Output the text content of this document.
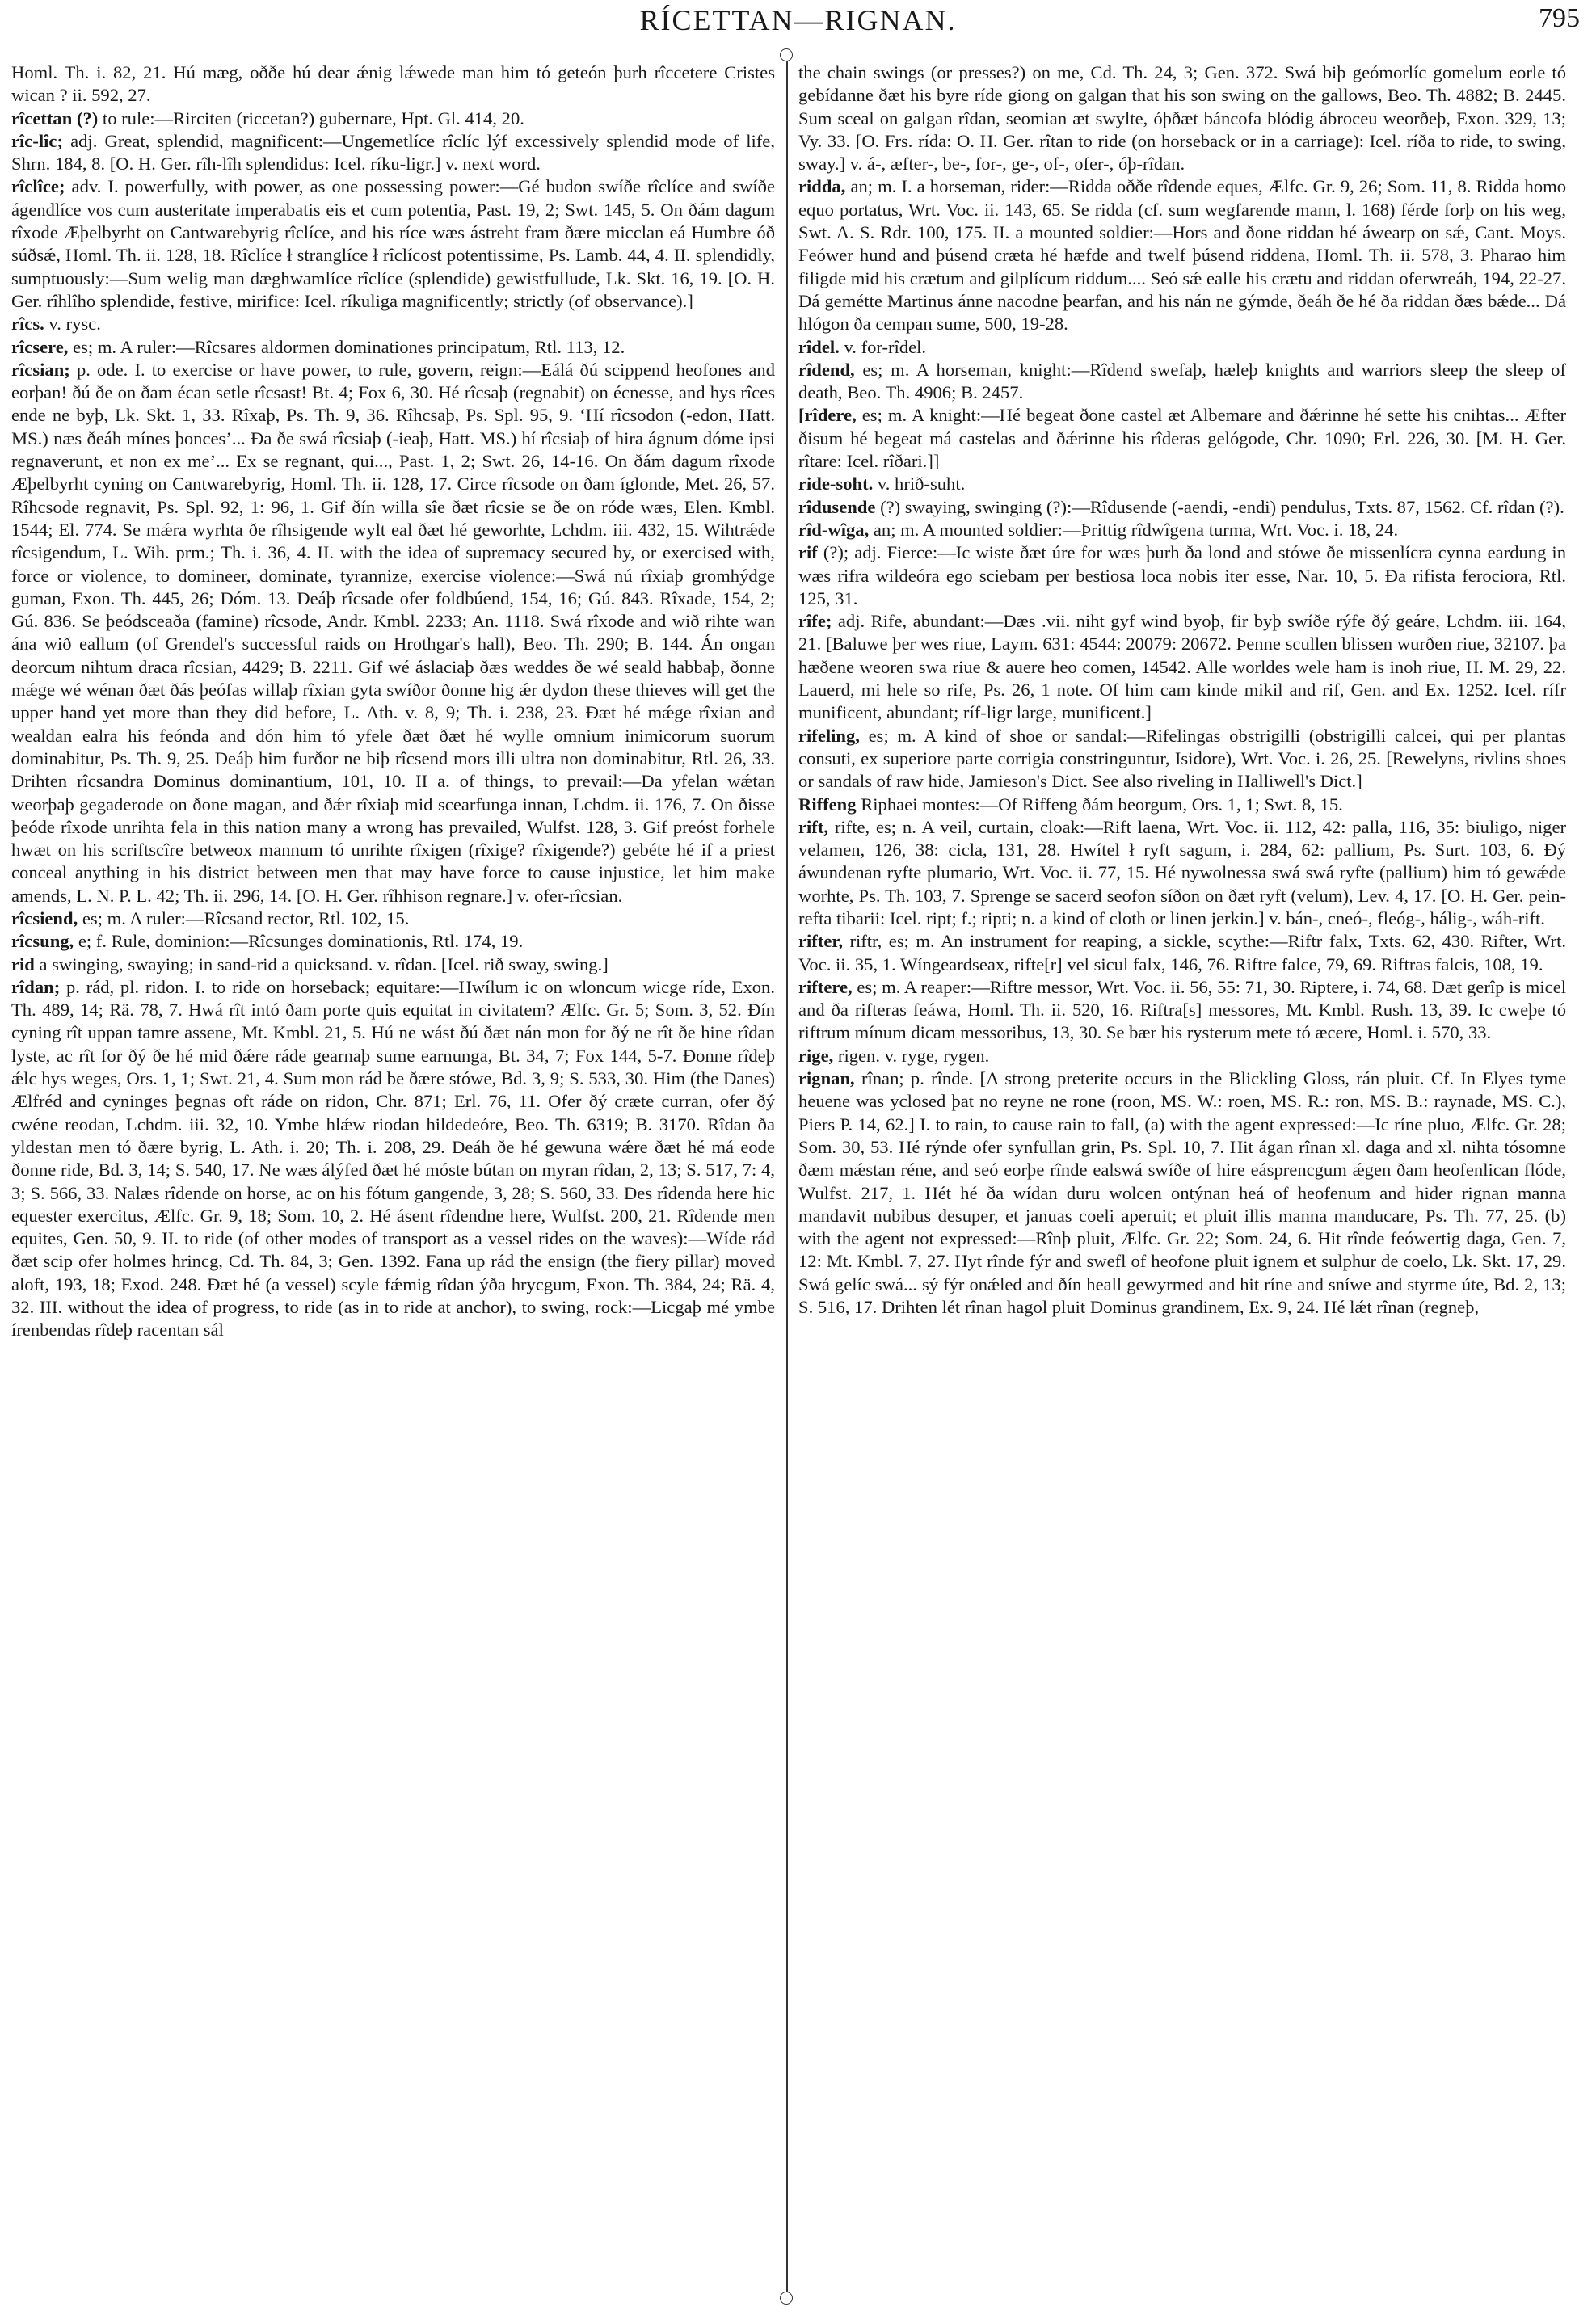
RÍCETTAN—RIGNAN.	795

Homl. Th. i. 82, 21. Hú mæg, oððe hú dear ǽnig lǽwede man him tó geteón þurh rîccetere Cristes wican ? ii. 592, 27.

rîcettan (?) to rule:—Rirciten (riccetan?) gubernare, Hpt. Gl. 414, 20.

rîc-lîc; adj. Great, splendid, magnificent:—Ungemetlíce rîclíc lýf excessively splendid mode of life, Shrn. 184, 8. [O. H. Ger. rîh-lîh splendidus: Icel. ríku-ligr.] v. next word.

rîclîce; adv. I. powerfully, with power, as one possessing power:—Gé budon swíðe rîclíce and swíðe ágendlíce vos cum austeritate imperabatis eis et cum potentia, Past. 19, 2; Swt. 145, 5. On ðám dagum rîxode Æþelbyrht on Cantwarebyrig rîclíce, and his ríce wæs ástreht fram ðære micclan eá Humbre óð súðsǽ, Homl. Th. ii. 128, 18. Rîclíce ł stranglíce ł rîclícost potentissime, Ps. Lamb. 44, 4. II. splendidly, sumptuously:—Sum welig man dæghwamlíce rîclíce (splendide) gewistfullude, Lk. Skt. 16, 19. [O. H. Ger. rîhlîho splendide, festive, mirifice: Icel. ríkuliga magnificently; strictly (of observance).]

rîcs. v. rysc.

rîcsere, es; m. A ruler:—Rîcsares aldormen dominationes principatum, Rtl. 113, 12.

rîcsian; p. ode. I. to exercise or have power, to rule, govern, reign:—Eálá ðú scippend heofones and eorþan! ðú ðe on ðam écan setle rîcsast! Bt. 4; Fox 6, 30. Hé rîcsaþ (regnabit) on écnesse, and hys rîces ende ne byþ, Lk. Skt. 1, 33. Rîxaþ, Ps. Th. 9, 36. Rîhcsaþ, Ps. Spl. 95, 9. ‘Hí rîcsodon (-edon, Hatt. MS.) næs ðeáh mínes þonces’... Ða ðe swá rîcsiaþ (-ieaþ, Hatt. MS.) hí rîcsiaþ of hira ágnum dóme ipsi regnaverunt, et non ex me’... Ex se regnant, qui..., Past. 1, 2; Swt. 26, 14-16. On ðám dagum rîxode Æþelbyrht cyning on Cantwarebyrig, Homl. Th. ii. 128, 17. Circe rîcsode on ðam íglonde, Met. 26, 57. Rîhcsode regnavit, Ps. Spl. 92, 1: 96, 1. Gif ðín willa sîe ðæt rîcsie se ðe on róde wæs, Elen. Kmbl. 1544; El. 774. Se mǽra wyrhta ðe rîhsigende wylt eal ðæt hé geworhte, Lchdm. iii. 432, 15. Wihtrǽde rîcsigendum, L. Wih. prm.; Th. i. 36, 4. II. with the idea of supremacy secured by, or exercised with, force or violence, to domineer, dominate, tyrannize, exercise violence:—Swá nú rîxiaþ gromhýdge guman, Exon. Th. 445, 26; Dóm. 13. Deáþ rîcsade ofer foldbúend, 154, 16; Gú. 843. Rîxade, 154, 2; Gú. 836. Se þeódsceaða (famine) rîcsode, Andr. Kmbl. 2233; An. 1118. Swá rîxode and wið rihte wan ána wið eallum (of Grendel's successful raids on Hrothgar's hall), Beo. Th. 290; B. 144. Án ongan deorcum nihtum draca rîcsian, 4429; B. 2211. Gif wé áslaciaþ ðæs weddes ðe wé seald habbaþ, ðonne mǽge wé wénan ðæt ðás þeófas willaþ rîxian gyta swíðor ðonne hig ǽr dydon these thieves will get the upper hand yet more than they did before, L. Ath. v. 8, 9; Th. i. 238, 23. Ðæt hé mǽge rîxian and wealdan ealra his feónda and dón him tó yfele ðæt ðæt hé wylle omnium inimicorum suorum dominabitur, Ps. Th. 9, 25. Deáþ him furðor ne biþ rîcsend mors illi ultra non dominabitur, Rtl. 26, 33. Drihten rîcsandra Dominus dominantium, 101, 10. II a. of things, to prevail:—Ða yfelan wǽtan weorþaþ gegaderode on ðone magan, and ðǽr rîxiaþ mid scearfunga innan, Lchdm. ii. 176, 7. On ðisse þeóde rîxode unrihta fela in this nation many a wrong has prevailed, Wulfst. 128, 3. Gif preóst forhele hwæt on his scriftscîre betweox mannum tó unrihte rîxigen (rîxige? rîxigende?) gebéte hé if a priest conceal anything in his district between men that may have force to cause injustice, let him make amends, L. N. P. L. 42; Th. ii. 296, 14. [O. H. Ger. rîhhison regnare.] v. ofer-rîcsian.

rîcsiend, es; m. A ruler:—Rîcsand rector, Rtl. 102, 15.

rîcsung, e; f. Rule, dominion:—Rîcsunges dominationis, Rtl. 174, 19.

rid a swinging, swaying; in sand-rid a quicksand. v. rîdan. [Icel. rið sway, swing.]

rîdan; p. rád, pl. ridon. I. to ride on horseback; equitare:—Hwílum ic on wloncum wicge ríde, Exon. Th. 489, 14; Rä. 78, 7. Hwá rît intó ðam porte quis equitat in civitatem? Ælfc. Gr. 5; Som. 3, 52. Ðín cyning rît uppan tamre assene, Mt. Kmbl. 21, 5. Hú ne wást ðú ðæt nán mon for ðý ne rît ðe hine rîdan lyste, ac rît for ðý ðe hé mid ðǽre ráde gearnaþ sume earnunga, Bt. 34, 7; Fox 144, 5-7. Ðonne rîdeþ ǽlc hys weges, Ors. 1, 1; Swt. 21, 4. Sum mon rád be ðære stówe, Bd. 3, 9; S. 533, 30. Him (the Danes) Ælfréd and cyninges þegnas oft ráde on ridon, Chr. 871; Erl. 76, 11. Ofer ðý cræte curran, ofer ðý cwéne reodan, Lchdm. iii. 32, 10. Ymbe hlǽw riodan hildedeóre, Beo. Th. 6319; B. 3170. Rîdan ða yldestan men tó ðære byrig, L. Ath. i. 20; Th. i. 208, 29. Ðeáh ðe hé gewuna wǽre ðæt hé má eode ðonne ride, Bd. 3, 14; S. 540, 17. Ne wæs álýfed ðæt hé móste bútan on myran rîdan, 2, 13; S. 517, 7: 4, 3; S. 566, 33. Nalæs rîdende on horse, ac on his fótum gangende, 3, 28; S. 560, 33. Ðes rîdenda here hic equester exercitus, Ælfc. Gr. 9, 18; Som. 10, 2. Hé ásent rîdendne here, Wulfst. 200, 21. Rîdende men equites, Gen. 50, 9. II. to ride (of other modes of transport as a vessel rides on the waves):—Wíde rád ðæt scip ofer holmes hrincg, Cd. Th. 84, 3; Gen. 1392. Fana up rád the ensign (the fiery pillar) moved aloft, 193, 18; Exod. 248. Ðæt hé (a vessel) scyle fǽmig rîdan ýða hrycgum, Exon. Th. 384, 24; Rä. 4, 32. III. without the idea of progress, to ride (as in to ride at anchor), to swing, rock:—Licgaþ mé ymbe írenbendas rîdeþ racentan sál

the chain swings (or presses?) on me, Cd. Th. 24, 3; Gen. 372. Swá biþ geómorlíc gomelum eorle tó gebídanne ðæt his byre ríde giong on galgan that his son swing on the gallows, Beo. Th. 4882; B. 2445. Sum sceal on galgan rîdan, seomian æt swylte, óþðæt báncofa blódig ábroceu weorðeþ, Exon. 329, 13; Vy. 33. [O. Frs. rída: O. H. Ger. rîtan to ride (on horseback or in a carriage): Icel. ríða to ride, to swing, sway.] v. á-, æfter-, be-, for-, ge-, of-, ofer-, óþ-rîdan.

ridda, an; m. I. a horseman, rider:—Ridda oððe rîdende eques, Ælfc. Gr. 9, 26; Som. 11, 8. Ridda homo equo portatus, Wrt. Voc. ii. 143, 65. Se ridda (cf. sum wegfarende mann, l. 168) férde forþ on his weg, Swt. A. S. Rdr. 100, 175. II. a mounted soldier:—Hors and ðone riddan hé áwearp on sǽ, Cant. Moys. Feówer hund and þúsend cræta hé hæfde and twelf þúsend riddena, Homl. Th. ii. 578, 3. Pharao him filigde mid his crætum and gilplícum riddum.... Seó sǽ ealle his crætu and riddan oferwreáh, 194, 22-27. Ðá gemétte Martinus ánne nacodne þearfan, and his nán ne gýmde, ðeáh ðe hé ða riddan ðæs bǽde... Ðá hlógon ða cempan sume, 500, 19-28.

rîdel. v. for-rîdel.

rîdend, es; m. A horseman, knight:—Rîdend swefaþ, hæleþ knights and warriors sleep the sleep of death, Beo. Th. 4906; B. 2457.

[rîdere, es; m. A knight:—Hé begeat ðone castel æt Albemare and ðǽrinne hé sette his cnihtas... Æfter ðisum hé begeat má castelas and ðǽrinne his rîderas gelógode, Chr. 1090; Erl. 226, 30. [M. H. Ger. rîtare: Icel. rîðari.]]

ride-soht. v. hrið-suht.

rîdusende (?) swaying, swinging (?):—Rîdusende (-aendi, -endi) pendulus, Txts. 87, 1562. Cf. rîdan (?).

rîd-wîga, an; m. A mounted soldier:—Þrittig rîdwîgena turma, Wrt. Voc. i. 18, 24.

rif (?); adj. Fierce:—Ic wiste ðæt úre for wæs þurh ða lond and stówe ðe missenlícra cynna eardung in wæs rifra wildeóra ego sciebam per bestiosa loca nobis iter esse, Nar. 10, 5. Ða rifista ferociora, Rtl. 125, 31.

rîfe; adj. Rife, abundant:—Ðæs .vii. niht gyf wind byoþ, fir byþ swíðe rýfe ðý geáre, Lchdm. iii. 164, 21. [Baluwe þer wes riue, Laym. 631: 4544: 20079: 20672. Þenne scullen blissen wurðen riue, 32107. þa hæðene weoren swa riue & auere heo comen, 14542. Alle worldes wele ham is inoh riue, H. M. 29, 22. Lauerd, mi hele so rife, Ps. 26, 1 note. Of him cam kinde mikil and rif, Gen. and Ex. 1252. Icel. rífr munificent, abundant; ríf-ligr large, munificent.]

rifeling, es; m. A kind of shoe or sandal:—Rifelingas obstrigilli (obstrigilli calcei, qui per plantas consuti, ex superiore parte corrigia constringuntur, Isidore), Wrt. Voc. i. 26, 25. [Rewelyns, rivlins shoes or sandals of raw hide, Jamieson's Dict. See also riveling in Halliwell's Dict.]

Riffeng Riphaei montes:—Of Riffeng ðám beorgum, Ors. 1, 1; Swt. 8, 15.

rift, rifte, es; n. A veil, curtain, cloak:—Rift laena, Wrt. Voc. ii. 112, 42: palla, 116, 35: biuligo, niger velamen, 126, 38: cicla, 131, 28. Hwítel ł ryft sagum, i. 284, 62: pallium, Ps. Surt. 103, 6. Ðý áwundenan ryfte plumario, Wrt. Voc. ii. 77, 15. Hé nywolnessa swá swá ryfte (pallium) him tó gewǽde worhte, Ps. Th. 103, 7. Sprenge se sacerd seofon síðon on ðæt ryft (velum), Lev. 4, 17. [O. H. Ger. pein-refta tibarii: Icel. ript; f.; ripti; n. a kind of cloth or linen jerkin.] v. bán-, cneó-, fleóg-, hálig-, wáh-rift.

rifter, riftr, es; m. An instrument for reaping, a sickle, scythe:—Riftr falx, Txts. 62, 430. Rifter, Wrt. Voc. ii. 35, 1. Wíngeardseax, rifte[r] vel sicul falx, 146, 76. Riftre falce, 79, 69. Riftras falcis, 108, 19.

riftere, es; m. A reaper:—Riftre messor, Wrt. Voc. ii. 56, 55: 71, 30. Riptere, i. 74, 68. Ðæt gerîp is micel and ða rifteras feáwa, Homl. Th. ii. 520, 16. Riftra[s] messores, Mt. Kmbl. Rush. 13, 39. Ic cweþe tó riftrum mínum dicam messoribus, 13, 30. Se bær his rysterum mete tó æcere, Homl. i. 570, 33.

rige, rigen. v. ryge, rygen.

rignan, rînan; p. rînde. [A strong preterite occurs in the Blickling Gloss, rán pluit. Cf. In Elyes tyme heuene was yclosed þat no reyne ne rone (roon, MS. W.: roen, MS. R.: ron, MS. B.: raynade, MS. C.), Piers P. 14, 62.] I. to rain, to cause rain to fall, (a) with the agent expressed:—Ic ríne pluo, Ælfc. Gr. 28; Som. 30, 53. Hé rýnde ofer synfullan grin, Ps. Spl. 10, 7. Hit ágan rînan xl. daga and xl. nihta tósomne ðæm mǽstan réne, and seó eorþe rînde ealswá swíðe of hire eásprencgum ǽgen ðam heofenlican flóde, Wulfst. 217, 1. Hét hé ða wídan duru wolcen ontýnan heá of heofenum and hider rignan manna mandavit nubibus desuper, et januas coeli aperuit; et pluit illis manna manducare, Ps. Th. 77, 25. (b) with the agent not expressed:—Rînþ pluit, Ælfc. Gr. 22; Som. 24, 6. Hit rînde feówertig daga, Gen. 7, 12: Mt. Kmbl. 7, 27. Hyt rînde fýr and swefl of heofone pluit ignem et sulphur de coelo, Lk. Skt. 17, 29. Swá gelíc swá... sý fýr onǽled and ðín heall gewyrmed and hit ríne and sníwe and styrme úte, Bd. 2, 13; S. 516, 17. Drihten lét rînan hagol pluit Dominus grandinem, Ex. 9, 24. Hé lǽt rînan (regneþ,
